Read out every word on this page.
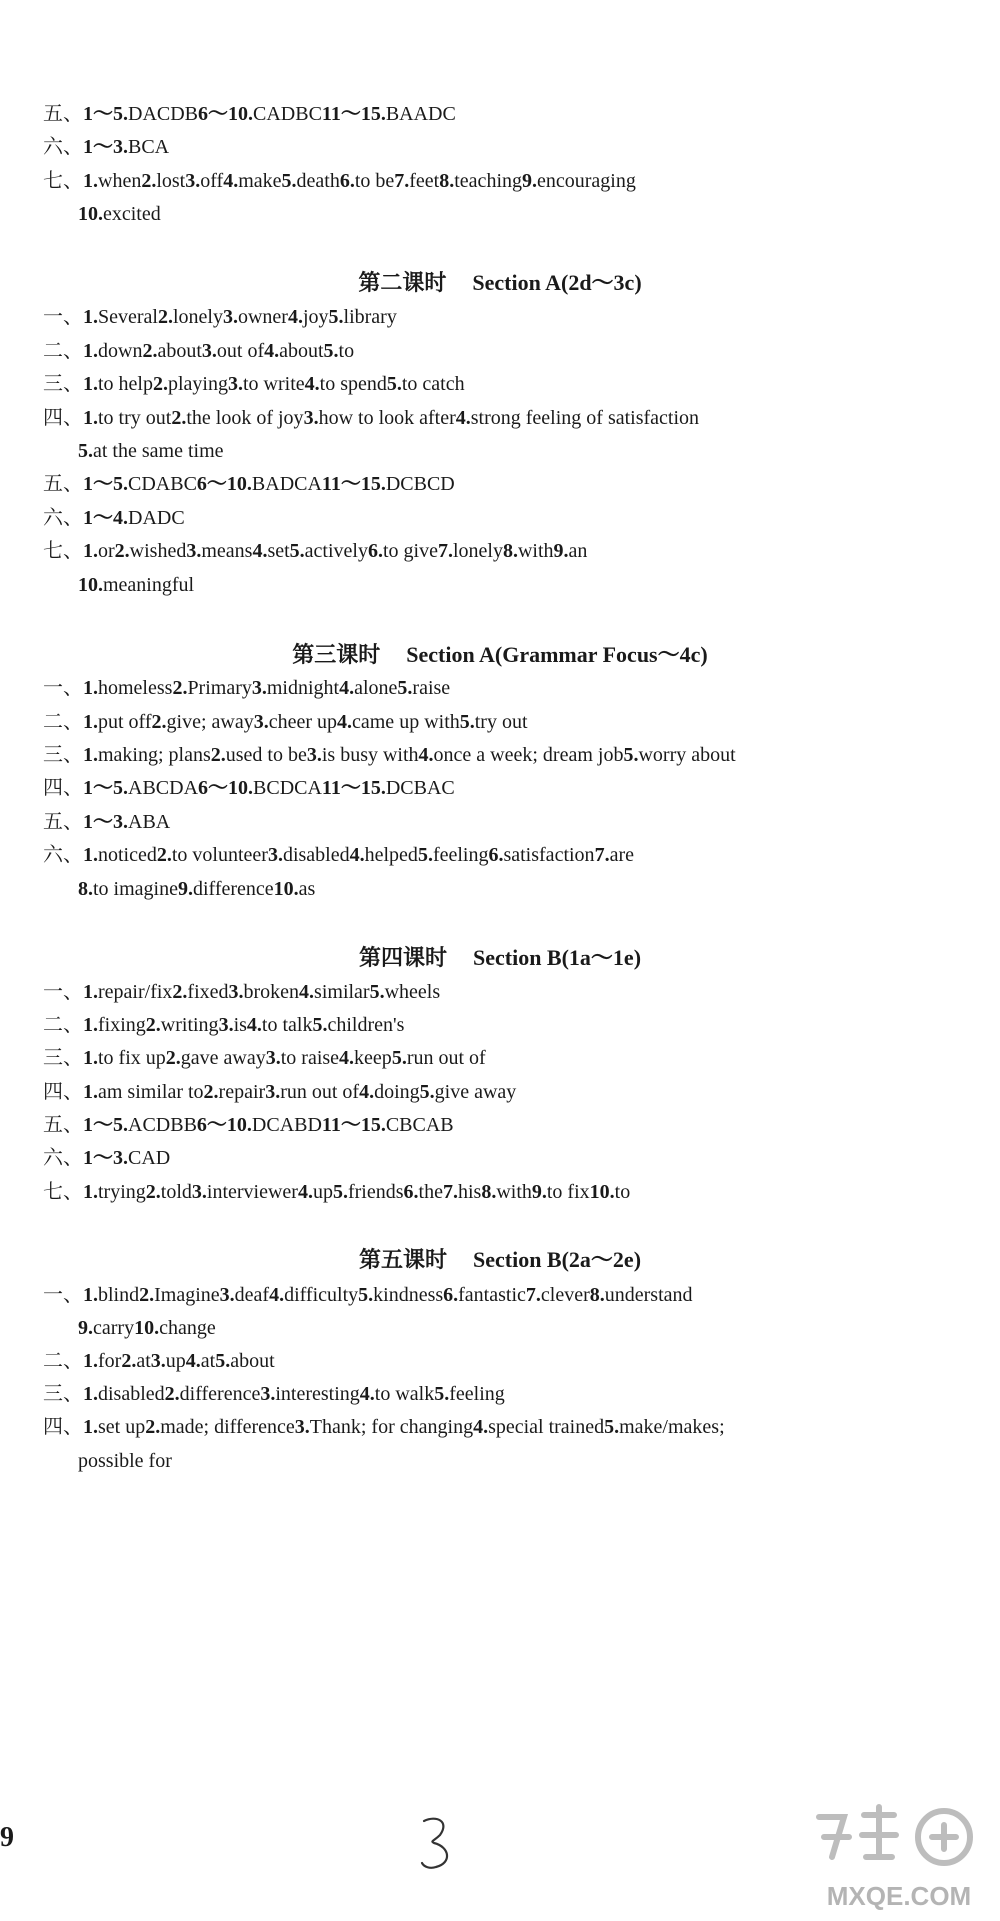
五、1～5.DACDB6～10.CADBC11～15.BAADC
六、1～3.BCA
七、1.when2.lost3.off4.make5.death6.to be7.feet8.teaching9.encouraging
10.excited
一、1.Several2.lonely3.owner4.joy5.library
二、1.down2.about3.out of4.about5.to
三、1.to help2.playing3.to write4.to spend5.to catch
四、1.to try out2.the look of joy3.how to look after4.strong feeling of satisfaction
5.at the same time
五、1～5.CDABC6～10.BADCA11～15.DCBCD
六、1～4.DADC
七、1.or2.wished3.means4.set5.actively6.to give7.lonely8.with9.an
10.meaningful
一、1.homeless2.Primary3.midnight4.alone5.raise
二、1.put off2.give; away3.cheer up4.came up with5.try out
三、1.making; plans2.used to be3.is busy with4.once a week; dream job5.worry about
四、1～5.ABCDA6～10.BCDCA11～15.DCBAC
五、1～3.ABA
六、1.noticed2.to volunteer3.disabled4.helped5.feeling6.satisfaction7.are
8.to imagine9.difference10.as
一、1.repair/fix2.fixed3.broken4.similar5.wheels
二、1.fixing2.writing3.is4.to talk5.children's
三、1.to fix up2.gave away3.to raise4.keep5.run out of
四、1.am similar to2.repair3.run out of4.doing5.give away
五、1～5.ACDBB6～10.DCABD11～15.CBCAB
六、1～3.CAD
七、1.trying2.told3.interviewer4.up5.friends6.the7.his8.with9.to fix10.to
一、1.blind2.Imagine3.deaf4.difficulty5.kindness6.fantastic7.clever8.understand
9.carry10.change
二、1.for2.at3.up4.at5.about
三、1.disabled2.difference3.interesting4.to walk5.feeling
四、1.set up2.made; difference3.Thank; for changing4.special trained5.make/makes;
possible for
第二课时 Section A(2d～3c)
第三课时 Section A(Grammar Focus～4c)
第四课时 Section B(1a～1e)
第五课时 Section B(2a～2e)
9
MXQE.COM
